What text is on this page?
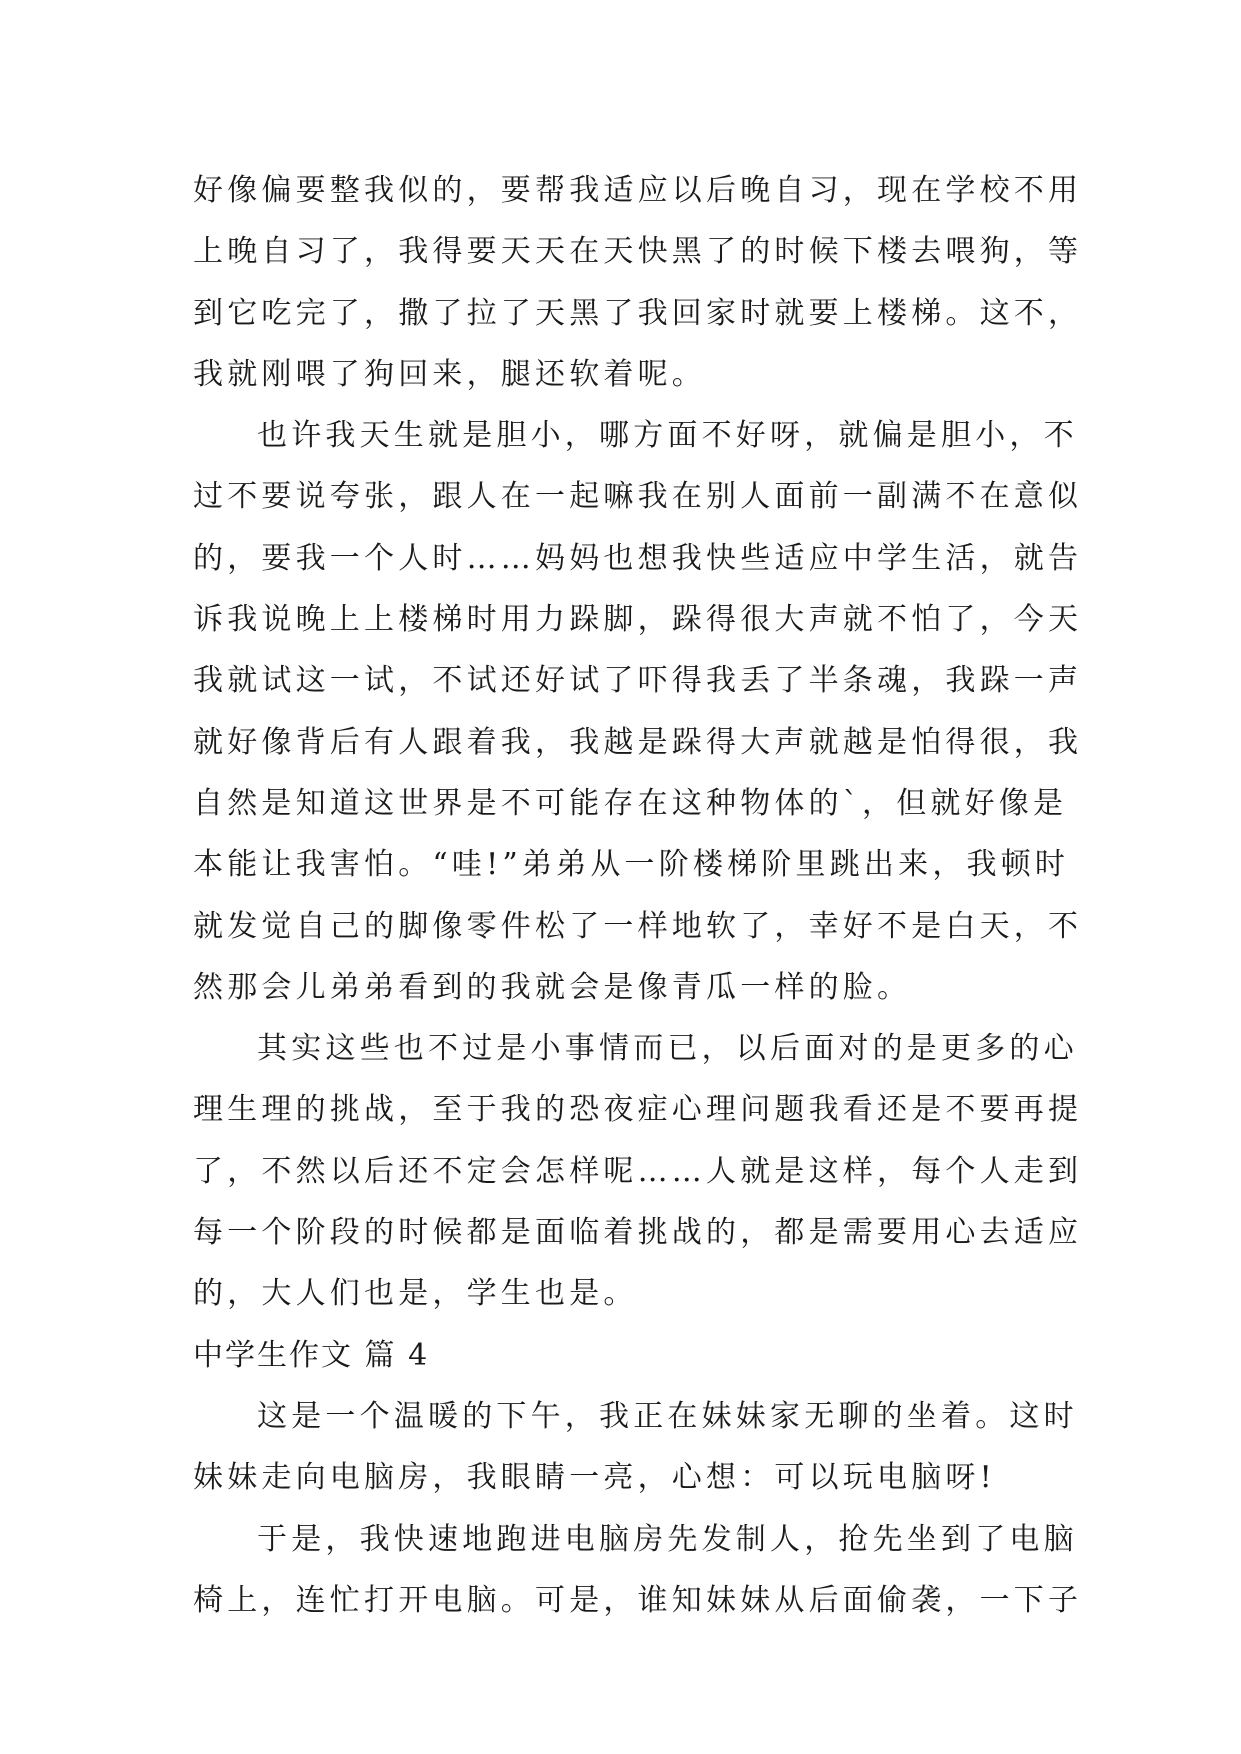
好像偏要整我似的，要帮我适应以后晚自习，现在学校不用
上晚自习了，我得要天天在天快黑了的时候下楼去喂狗，等
到它吃完了，撒了拉了天黑了我回家时就要上楼梯。这不，
我就刚喂了狗回来，腿还软着呢。
也许我天生就是胆小，哪方面不好呀，就偏是胆小，不
过不要说夸张，跟人在一起嘛我在别人面前一副满不在意似
的，要我一个人时……妈妈也想我快些适应中学生活，就告
诉我说晚上上楼梯时用力跺脚，跺得很大声就不怕了，今天
我就试这一试，不试还好试了吓得我丢了半条魂，我跺一声
就好像背后有人跟着我，我越是跺得大声就越是怕得很，我
自然是知道这世界是不可能存在这种物体的`，但就好像是
本能让我害怕。“哇!”弟弟从一阶楼梯阶里跳出来，我顿时
就发觉自己的脚像零件松了一样地软了，幸好不是白天，不
然那会儿弟弟看到的我就会是像青瓜一样的脸。
其实这些也不过是小事情而已，以后面对的是更多的心
理生理的挑战，至于我的恐夜症心理问题我看还是不要再提
了，不然以后还不定会怎样呢……人就是这样，每个人走到
每一个阶段的时候都是面临着挑战的，都是需要用心去适应
的，大人们也是，学生也是。
中学生作文 篇 4
这是一个温暖的下午，我正在妹妹家无聊的坐着。这时
妹妹走向电脑房，我眼睛一亮，心想：可以玩电脑呀!
于是，我快速地跑进电脑房先发制人，抢先坐到了电脑
椅上，连忙打开电脑。可是，谁知妹妹从后面偷袭，一下子
